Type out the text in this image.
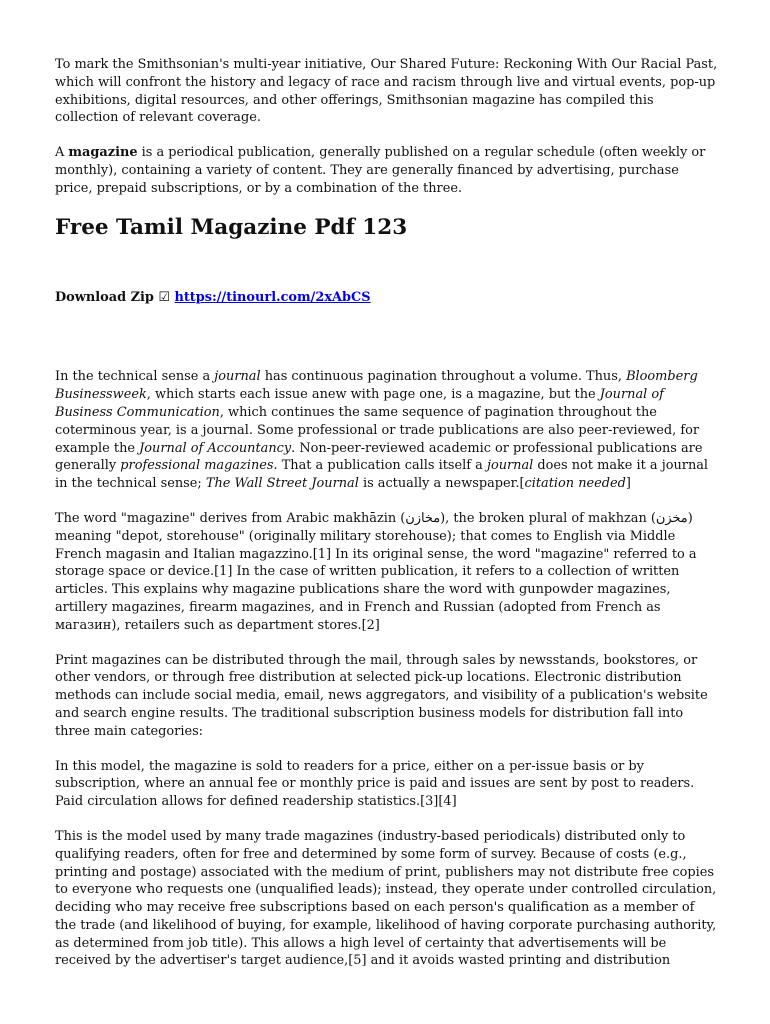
To mark the Smithsonian's multi-year initiative, Our Shared Future: Reckoning With Our Racial Past, which will confront the history and legacy of race and racism through live and virtual events, pop-up exhibitions, digital resources, and other offerings, Smithsonian magazine has compiled this collection of relevant coverage.

A magazine is a periodical publication, generally published on a regular schedule (often weekly or monthly), containing a variety of content. They are generally financed by advertising, purchase price, prepaid subscriptions, or by a combination of the three.

Free Tamil Magazine Pdf 123
Download Zip ☑ https://tinourl.com/2xAbCS

In the technical sense a journal has continuous pagination throughout a volume. Thus, Bloomberg Businessweek, which starts each issue anew with page one, is a magazine, but the Journal of Business Communication, which continues the same sequence of pagination throughout the coterminous year, is a journal. Some professional or trade publications are also peer-reviewed, for example the Journal of Accountancy. Non-peer-reviewed academic or professional publications are generally professional magazines. That a publication calls itself a journal does not make it a journal in the technical sense; The Wall Street Journal is actually a newspaper.[citation needed]

The word "magazine" derives from Arabic makhāzin (مخازن), the broken plural of makhzan (مخزن) meaning "depot, storehouse" (originally military storehouse); that comes to English via Middle French magasin and Italian magazzino.[1] In its original sense, the word "magazine" referred to a storage space or device.[1] In the case of written publication, it refers to a collection of written articles. This explains why magazine publications share the word with gunpowder magazines, artillery magazines, firearm magazines, and in French and Russian (adopted from French as магазин), retailers such as department stores.[2]

Print magazines can be distributed through the mail, through sales by newsstands, bookstores, or other vendors, or through free distribution at selected pick-up locations. Electronic distribution methods can include social media, email, news aggregators, and visibility of a publication's website and search engine results. The traditional subscription business models for distribution fall into three main categories:

In this model, the magazine is sold to readers for a price, either on a per-issue basis or by subscription, where an annual fee or monthly price is paid and issues are sent by post to readers. Paid circulation allows for defined readership statistics.[3][4]

This is the model used by many trade magazines (industry-based periodicals) distributed only to qualifying readers, often for free and determined by some form of survey. Because of costs (e.g., printing and postage) associated with the medium of print, publishers may not distribute free copies to everyone who requests one (unqualified leads); instead, they operate under controlled circulation, deciding who may receive free subscriptions based on each person's qualification as a member of the trade (and likelihood of buying, for example, likelihood of having corporate purchasing authority, as determined from job title). This allows a high level of certainty that advertisements will be received by the advertiser's target audience,[5] and it avoids wasted printing and distribution
